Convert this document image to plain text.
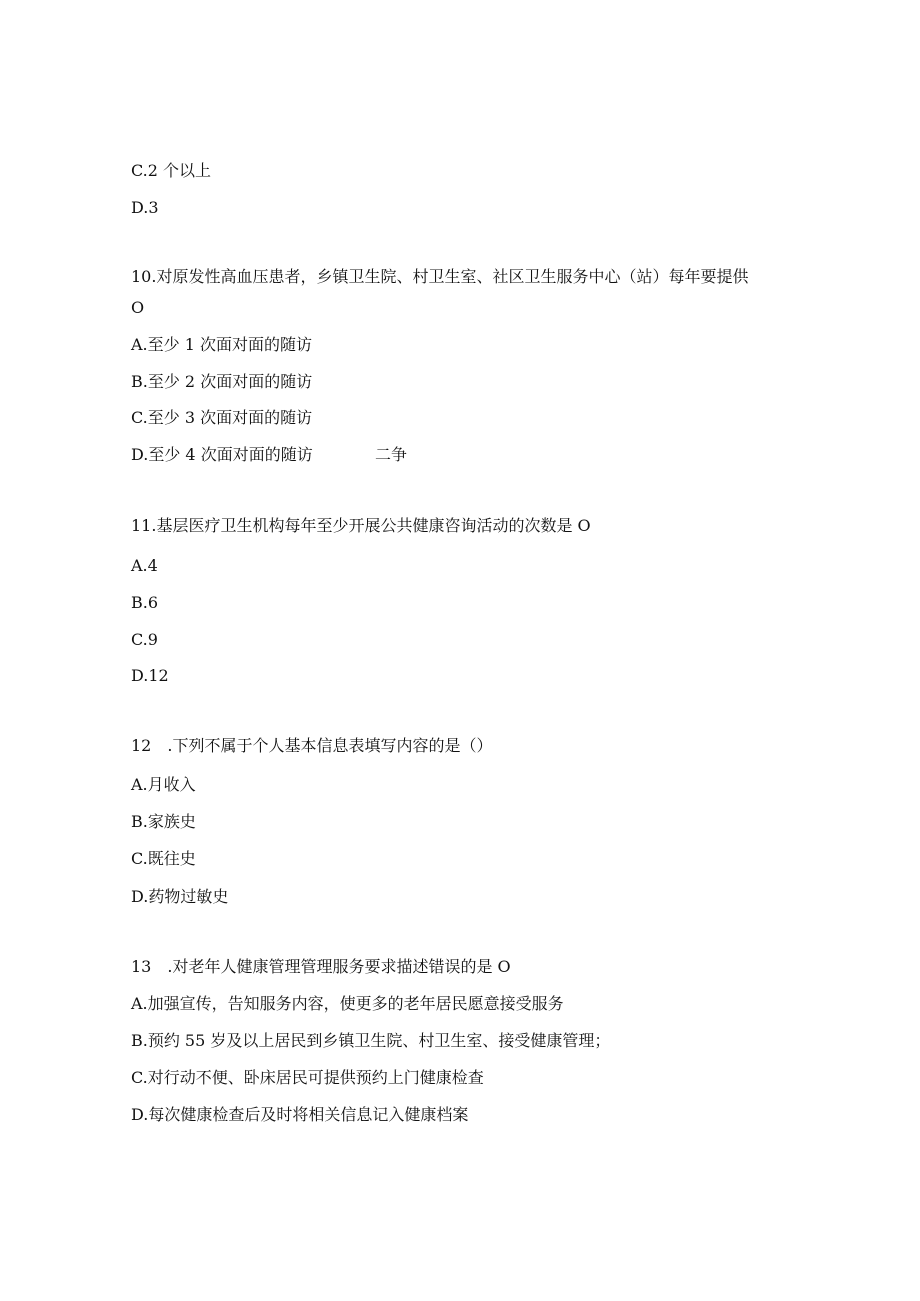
C.2 个以上
D.3
10.对原发性高血压患者，乡镇卫生院、村卫生室、社区卫生服务中心（站）每年要提供
O
A.至少 1 次面对面的随访
B.至少 2 次面对面的随访
C.至少 3 次面对面的随访
D.至少 4 次面对面的随访	二争
11.基层医疗卫生机构每年至少开展公共健康咨询活动的次数是 O
A.4
B.6
C.9
D.12
12　.下列不属于个人基本信息表填写内容的是（）
A.月收入
B.家族史
C.既往史
D.药物过敏史
13　.对老年人健康管理管理服务要求描述错误的是 O
A.加强宣传，告知服务内容，使更多的老年居民愿意接受服务
B.预约 55 岁及以上居民到乡镇卫生院、村卫生室、接受健康管理；
C.对行动不便、卧床居民可提供预约上门健康检查
D.每次健康检查后及时将相关信息记入健康档案
